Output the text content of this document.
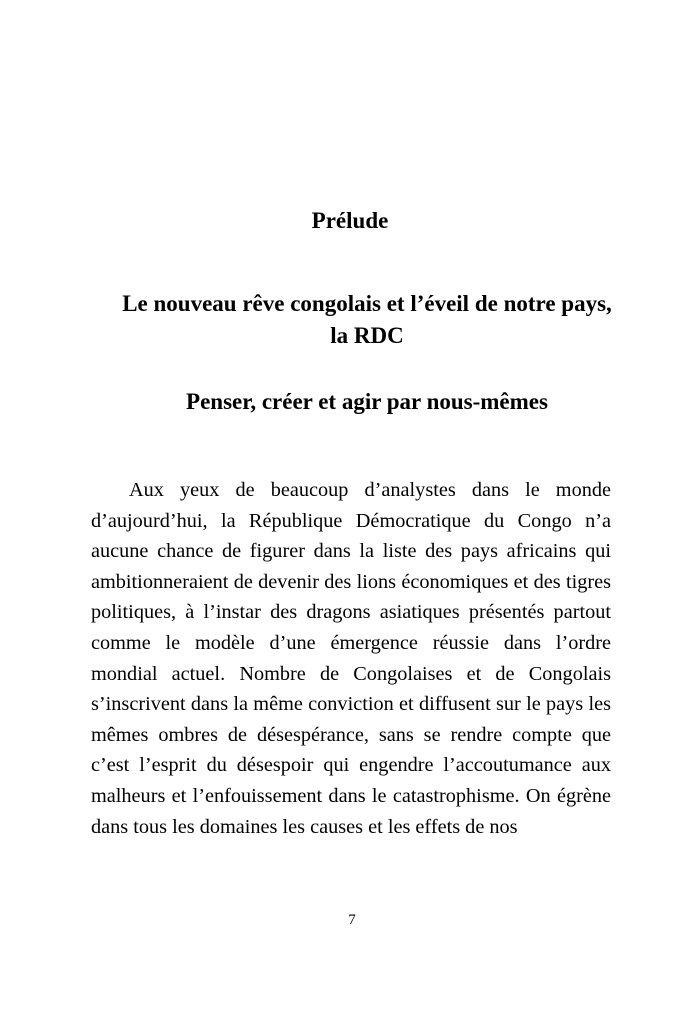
Prélude
Le nouveau rêve congolais et l’éveil de notre pays, la RDC
Penser, créer et agir par nous-mêmes

Aux yeux de beaucoup d’analystes dans le monde d’aujourd’hui, la République Démocratique du Congo n’a aucune chance de figurer dans la liste des pays africains qui ambitionneraient de devenir des lions économiques et des tigres politiques, à l’instar des dragons asiatiques présentés partout comme le modèle d’une émergence réussie dans l’ordre mondial actuel. Nombre de Congolaises et de Congolais s’inscrivent dans la même conviction et diffusent sur le pays les mêmes ombres de désespérance, sans se rendre compte que c’est l’esprit du désespoir qui engendre l’accoutumance aux malheurs et l’enfouissement dans le catastrophisme. On égrène dans tous les domaines les causes et les effets de nos

7
